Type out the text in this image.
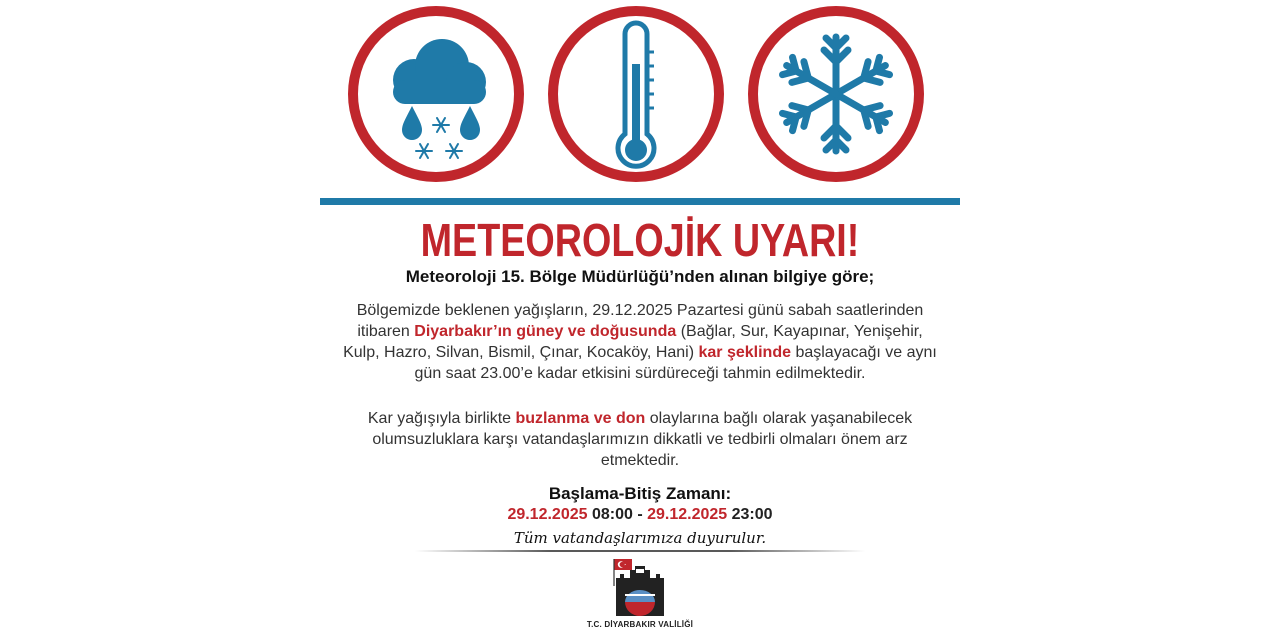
METEOROLOJİK UYARI!
Meteoroloji 15. Bölge Müdürlüğü’nden alınan bilgiye göre;
Bölgemizde beklenen yağışların, 29.12.2025 Pazartesi günü sabah saatlerinden itibaren Diyarbakır’ın güney ve doğusunda (Bağlar, Sur, Kayapınar, Yenişehir, Kulp, Hazro, Silvan, Bismil, Çınar, Kocaköy, Hani) kar şeklinde başlayacağı ve aynı gün saat 23.00’e kadar etkisini sürdüreceği tahmin edilmektedir.
Kar yağışıyla birlikte buzlanma ve don olaylarına bağlı olarak yaşanabilecek olumsuzluklara karşı vatandaşlarımızın dikkatli ve tedbirli olmaları önem arz etmektedir.
Başlama-Bitiş Zamanı:
29.12.2025 08:00 - 29.12.2025 23:00
Tüm vatandaşlarımıza duyurulur.
T.C. DİYARBAKIR VALİLİĞİ
